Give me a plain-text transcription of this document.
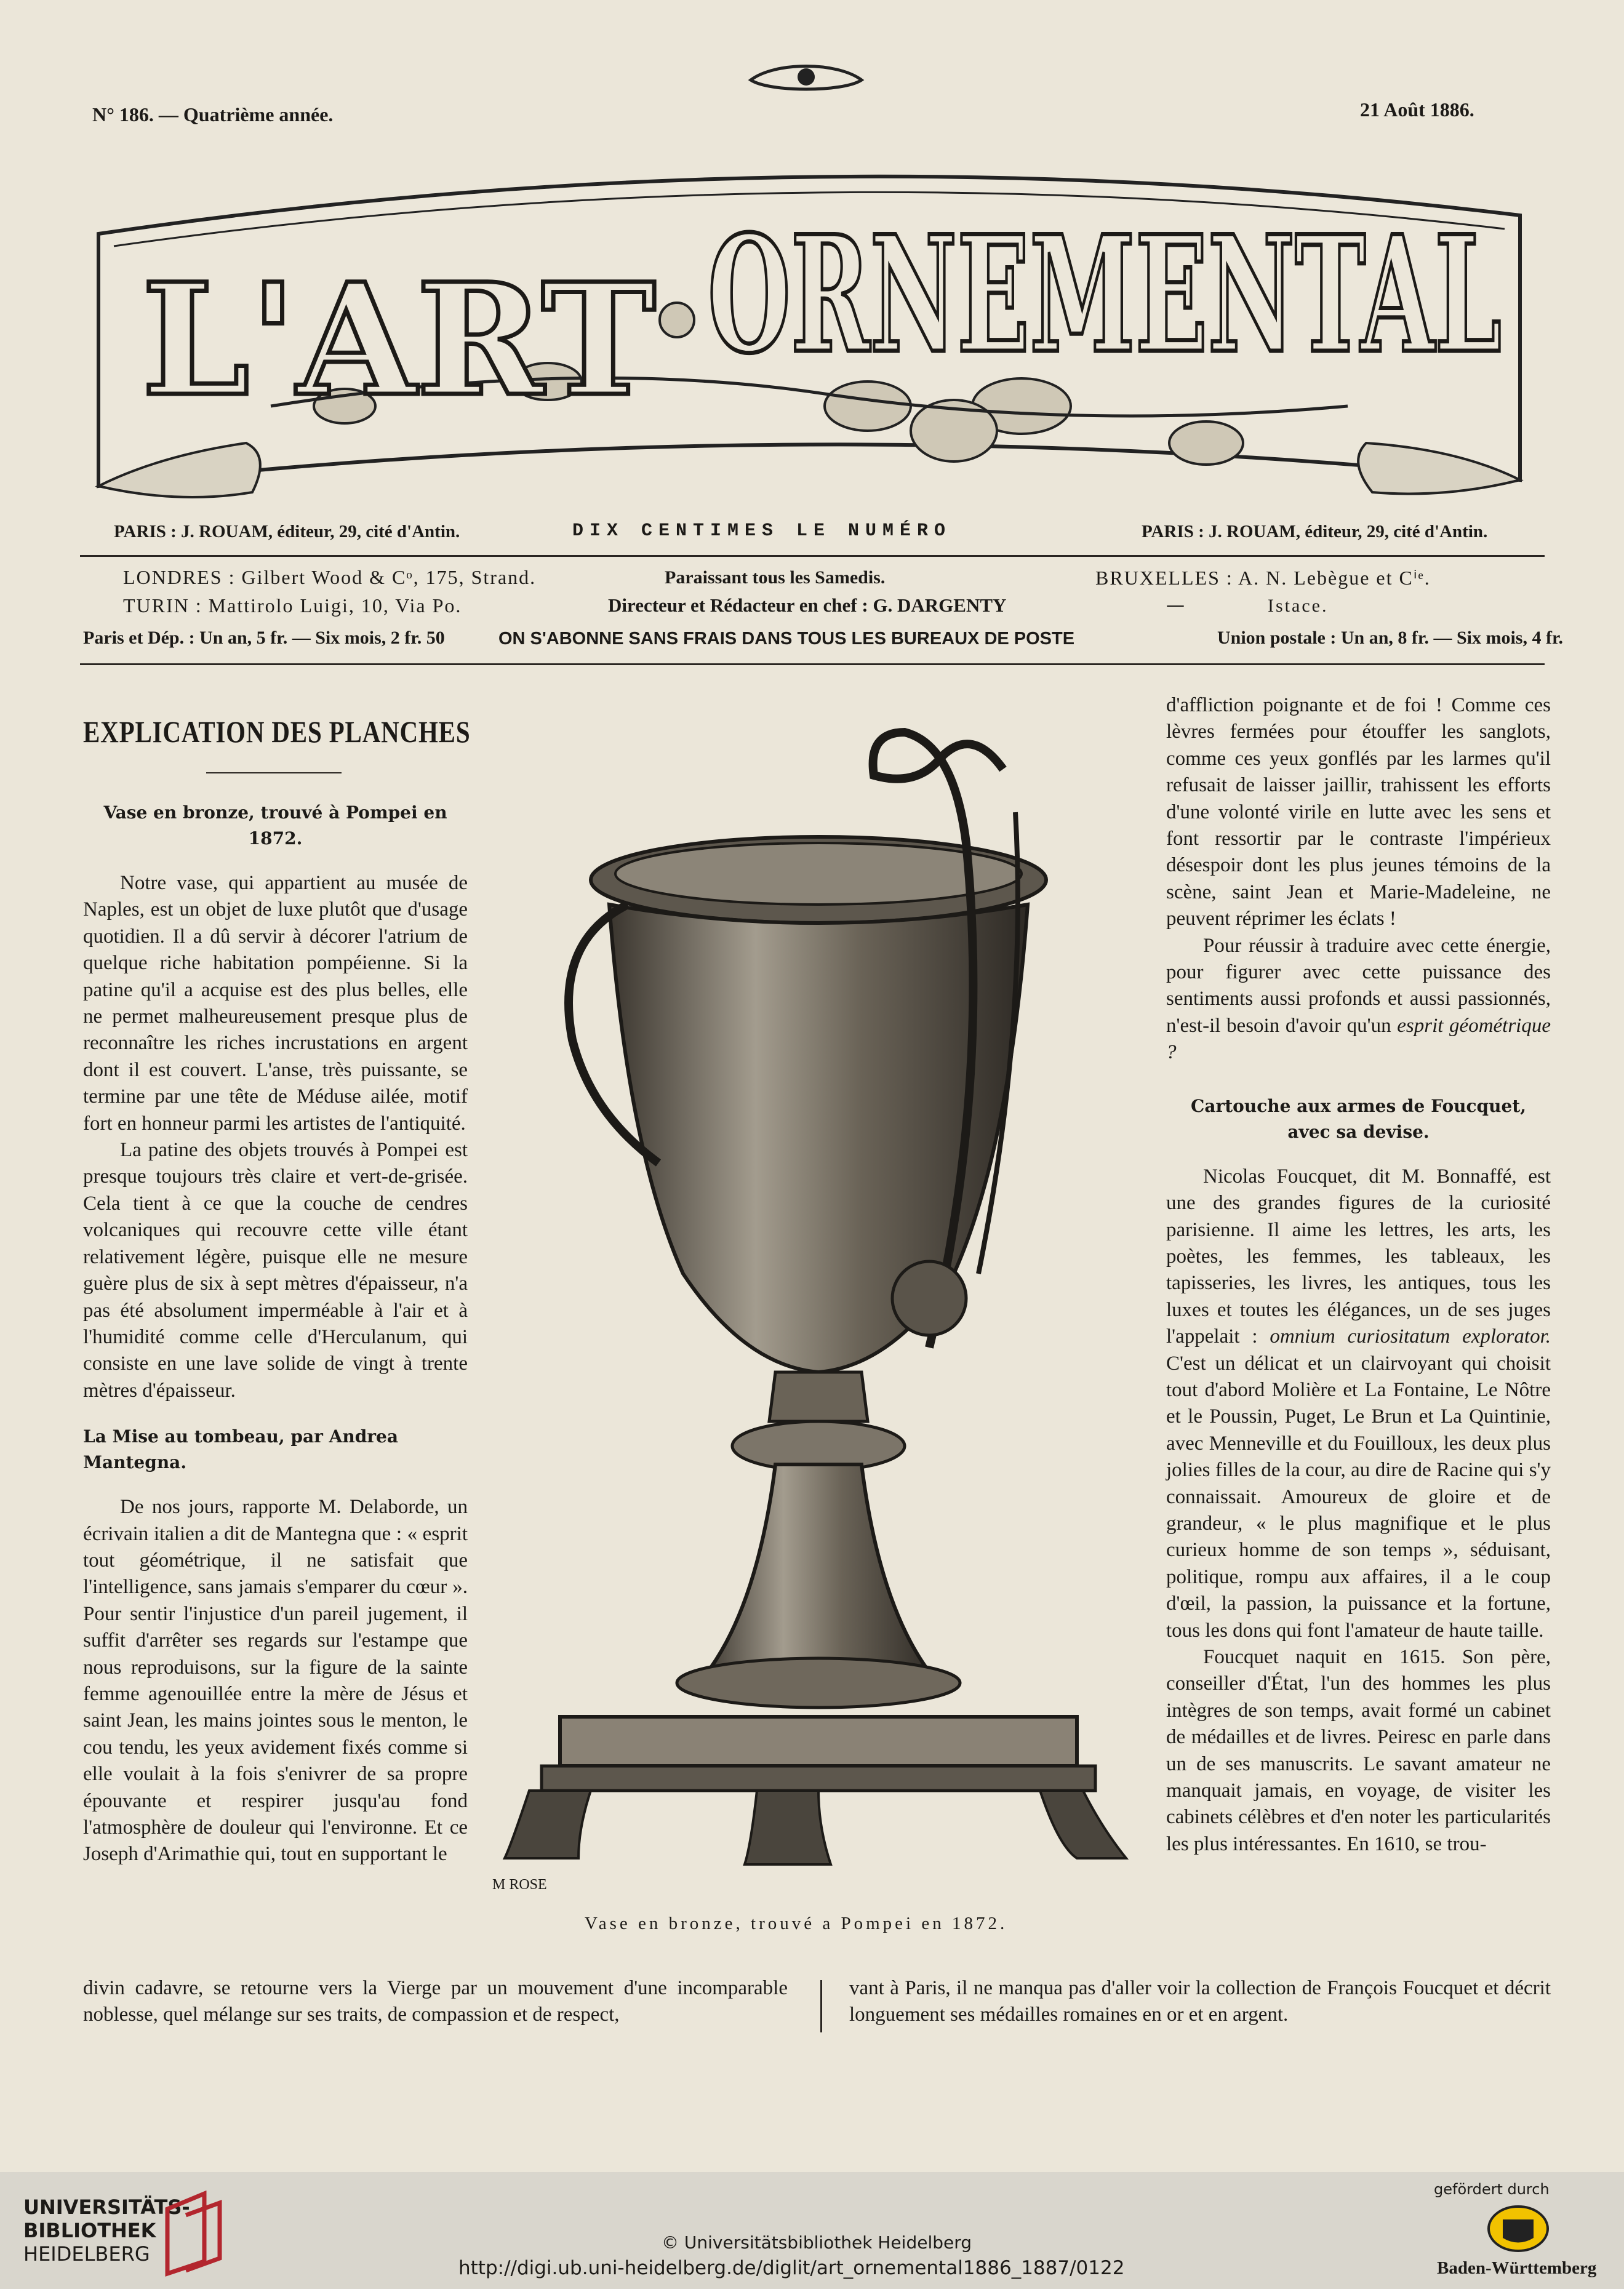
N° 186. — Quatrième année.	21 Août 1886.
L'ART ORNEMENTAL
PARIS : J. ROUAM, éditeur, 29, cité d'Antin.	DIX CENTIMES LE NUMÉRO	PARIS : J. ROUAM, éditeur, 29, cité d'Antin.
LONDRES : Gilbert Wood & Cᵒ, 175, Strand.	Paraissant tous les Samedis.	BRUXELLES : A. N. Lebègue et Cⁱᵉ.
TURIN : Mattirolo Luigi, 10, Via Po.	Directeur et Rédacteur en chef : G. DARGENTY	—	Istace.
Paris et Dép. : Un an, 5 fr. — Six mois, 2 fr. 50	ON S'ABONNE SANS FRAIS DANS TOUS LES BUREAUX DE POSTE	Union postale : Un an, 8 fr. — Six mois, 4 fr.
EXPLICATION DES PLANCHES
Vase en bronze, trouvé à Pompei en 1872.

Notre vase, qui appartient au musée de Naples, est un objet de luxe plutôt que d'usage quotidien. Il a dû servir à décorer l'atrium de quelque riche habitation pompéienne. Si la patine qu'il a acquise est des plus belles, elle ne permet malheureusement presque plus de reconnaître les riches incrustations en argent dont il est couvert. L'anse, très puissante, se termine par une tête de Méduse ailée, motif fort en honneur parmi les artistes de l'antiquité.

La patine des objets trouvés à Pompei est presque toujours très claire et vert-de-grisée. Cela tient à ce que la couche de cendres volcaniques qui recouvre cette ville étant relativement légère, puisque elle ne mesure guère plus de six à sept mètres d'épaisseur, n'a pas été absolument imperméable à l'air et à l'humidité comme celle d'Herculanum, qui consiste en une lave solide de vingt à trente mètres d'épaisseur.

La Mise au tombeau, par Andrea Mantegna.

De nos jours, rapporte M. Delaborde, un écrivain italien a dit de Mantegna que : « esprit tout géométrique, il ne satisfait que l'intelligence, sans jamais s'emparer du cœur ». Pour sentir l'injustice d'un pareil jugement, il suffit d'arrêter ses regards sur l'estampe que nous reproduisons, sur la figure de la sainte femme agenouillée entre la mère de Jésus et saint Jean, les mains jointes sous le menton, le cou tendu, les yeux avidement fixés comme si elle voulait à la fois s'enivrer de sa propre épouvante et respirer jusqu'au fond l'atmosphère de douleur qui l'environne. Et ce Joseph d'Arimathie qui, tout en supportant le

M ROSE
Vase en bronze, trouvé a Pompei en 1872.

d'affliction poignante et de foi ! Comme ces lèvres fermées pour étouffer les sanglots, comme ces yeux gonflés par les larmes qu'il refusait de laisser jaillir, trahissent les efforts d'une volonté virile en lutte avec les sens et font ressortir par le contraste l'impérieux désespoir dont les plus jeunes témoins de la scène, saint Jean et Marie-Madeleine, ne peuvent réprimer les éclats !

Pour réussir à traduire avec cette énergie, pour figurer avec cette puissance des sentiments aussi profonds et aussi passionnés, n'est-il besoin d'avoir qu'un esprit géométrique ?

Cartouche aux armes de Foucquet,
avec sa devise.

Nicolas Foucquet, dit M. Bonnaffé, est une des grandes figures de la curiosité parisienne. Il aime les lettres, les arts, les poètes, les femmes, les tableaux, les tapisseries, les livres, les antiques, tous les luxes et toutes les élégances, un de ses juges l'appelait : omnium curiositatum explorator. C'est un délicat et un clairvoyant qui choisit tout d'abord Molière et La Fontaine, Le Nôtre et le Poussin, Puget, Le Brun et La Quintinie, avec Menneville et du Fouilloux, les deux plus jolies filles de la cour, au dire de Racine qui s'y connaissait. Amoureux de gloire et de grandeur, « le plus magnifique et le plus curieux homme de son temps », séduisant, politique, rompu aux affaires, il a le coup d'œil, la passion, la puissance et la fortune, tous les dons qui font l'amateur de haute taille.

Foucquet naquit en 1615. Son père, conseiller d'État, l'un des hommes les plus intègres de son temps, avait formé un cabinet de médailles et de livres. Peiresc en parle dans un de ses manuscrits. Le savant amateur ne manquait jamais, en voyage, de visiter les cabinets célèbres et d'en noter les particularités les plus intéressantes. En 1610, se trou-

divin cadavre, se retourne vers la Vierge par un mouvement d'une incomparable noblesse, quel mélange sur ses traits, de compassion et de respect,

vant à Paris, il ne manqua pas d'aller voir la collection de François Foucquet et décrit longuement ses médailles romaines en or et en argent.

UNIVERSITÄTS-
BIBLIOTHEK
HEIDELBERG	© Universitätsbibliothek Heidelberg
http://digi.ub.uni-heidelberg.de/diglit/art_ornemental1886_1887/0122
gefördert durch
Baden-Württemberg
